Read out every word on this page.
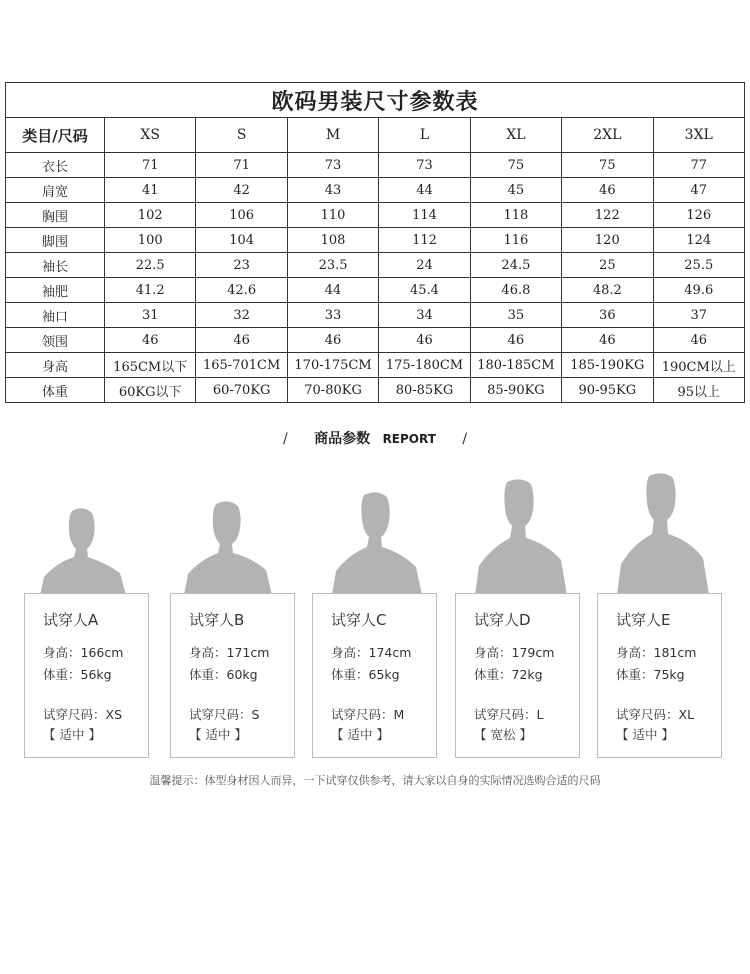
欧码男装尺寸参数表							
类目/尺码	XS	S	M	L	XL	2XL	3XL
衣长	71	71	73	73	75	75	77
肩宽	41	42	43	44	45	46	47
胸围	102	106	110	114	118	122	126
脚围	100	104	108	112	116	120	124
袖长	22.5	23	23.5	24	24.5	25	25.5
袖肥	41.2	42.6	44	45.4	46.8	48.2	49.6
袖口	31	32	33	34	35	36	37
领围	46	46	46	46	46	46	46
身高	165CM以下	165-701CM	170-175CM	175-180CM	180-185CM	185-190KG	190CM以上
体重	60KG以下	60-70KG	70-80KG	80-85KG	85-90KG	90-95KG	95以上
/ 商品参数 REPORT /
试穿人A
身高：166cm
体重：56kg
试穿尺码：XS
【 适中 】
试穿人B
身高：171cm
体重：60kg
试穿尺码：S
【 适中 】
试穿人C
身高：174cm
体重：65kg
试穿尺码：M
【 适中 】
试穿人D
身高：179cm
体重：72kg
试穿尺码：L
【 宽松 】
试穿人E
身高：181cm
体重：75kg
试穿尺码：XL
【 适中 】
温馨提示：体型身材因人而异，一下试穿仅供参考，请大家以自身的实际情况选购合适的尺码
